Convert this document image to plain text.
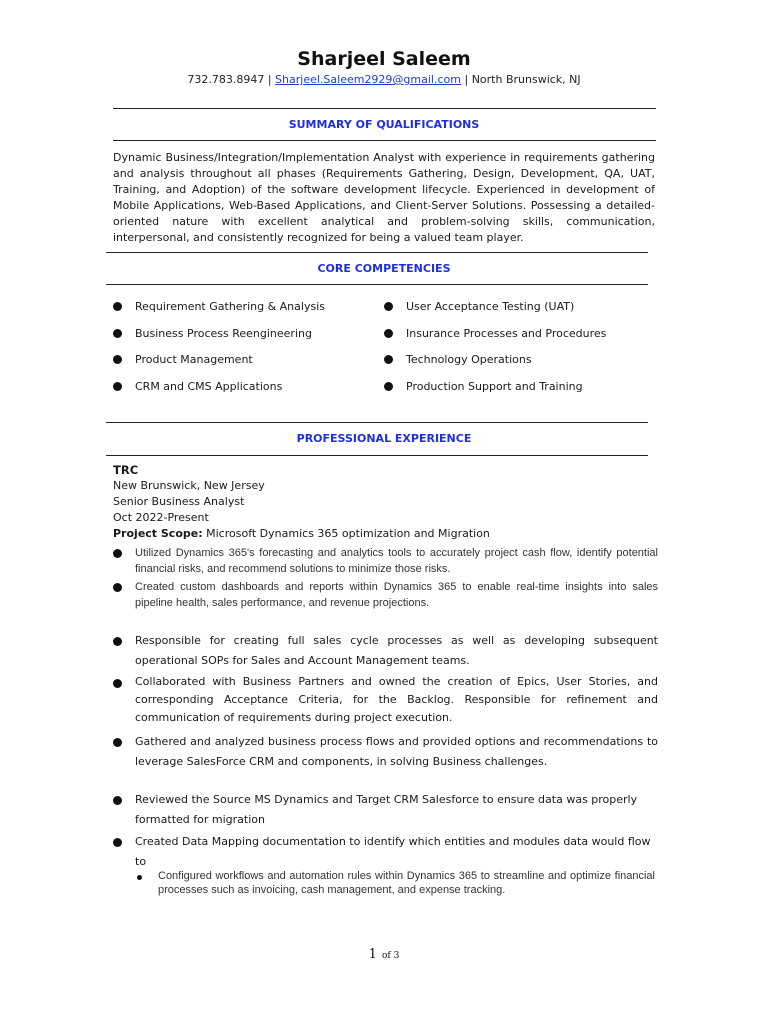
Sharjeel Saleem
732.783.8947 | Sharjeel.Saleem2929@gmail.com | North Brunswick, NJ
SUMMARY OF QUALIFICATIONS
Dynamic Business/Integration/Implementation Analyst with experience in requirements gathering and analysis throughout all phases (Requirements Gathering, Design, Development, QA, UAT, Training, and Adoption) of the software development lifecycle. Experienced in development of Mobile Applications, Web-Based Applications, and Client-Server Solutions. Possessing a detailed-oriented nature with excellent analytical and problem-solving skills, communication, interpersonal, and consistently recognized for being a valued team player.
CORE COMPETENCIES
Requirement Gathering & Analysis
Business Process Reengineering
Product Management
CRM and CMS Applications
User Acceptance Testing (UAT)
Insurance Processes and Procedures
Technology Operations
Production Support and Training
PROFESSIONAL EXPERIENCE
TRC
New Brunswick, New Jersey
Senior Business Analyst
Oct 2022-Present
Project Scope: Microsoft Dynamics 365 optimization and Migration
Utilized Dynamics 365's forecasting and analytics tools to accurately project cash flow, identify potential financial risks, and recommend solutions to minimize those risks.
Created custom dashboards and reports within Dynamics 365 to enable real-time insights into sales pipeline health, sales performance, and revenue projections.
Responsible for creating full sales cycle processes as well as developing subsequent operational SOPs for Sales and Account Management teams.
Collaborated with Business Partners and owned the creation of Epics, User Stories, and corresponding Acceptance Criteria, for the Backlog. Responsible for refinement and communication of requirements during project execution.
Gathered and analyzed business process flows and provided options and recommendations to leverage SalesForce CRM and components, in solving Business challenges.
Reviewed the Source MS Dynamics and Target CRM Salesforce to ensure data was properly formatted for migration
Created Data Mapping documentation to identify which entities and modules data would flow to
Configured workflows and automation rules within Dynamics 365 to streamline and optimize financial processes such as invoicing, cash management, and expense tracking.
1 of 3
